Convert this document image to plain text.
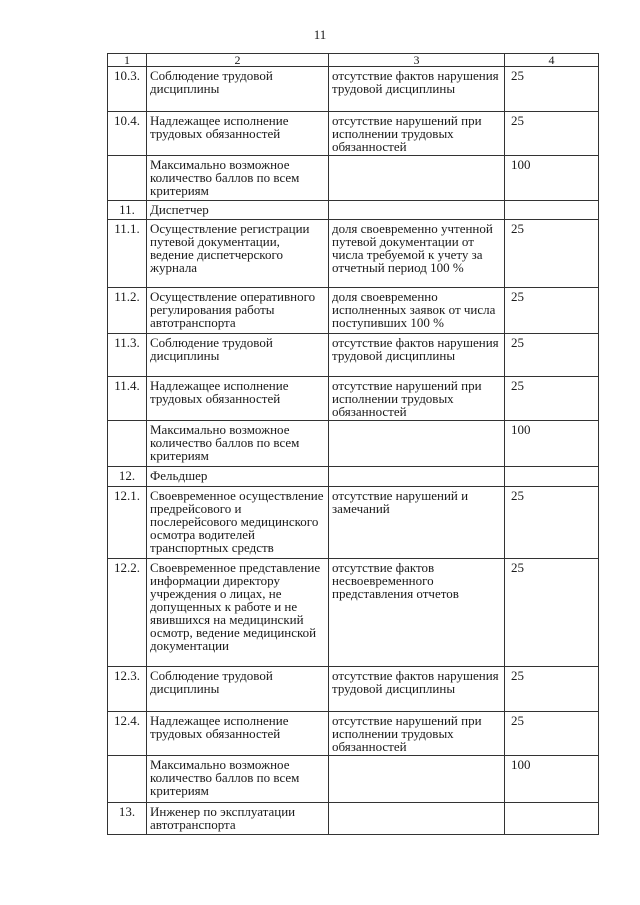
11
1	2	3	4
10.3.	Соблюдение трудовой дисциплины	отсутствие фактов нарушения трудовой дисциплины	25
10.4.	Надлежащее исполнение трудовых обязанностей	отсутствие нарушений при исполнении трудовых обязанностей	25
	Максимально возможное количество баллов по всем критериям		100
11.	Диспетчер		
11.1.	Осуществление регистрации путевой документации, ведение диспетчерского журнала	доля своевременно учтенной путевой документации от числа требуемой к учету за отчетный период 100 %	25
11.2.	Осуществление оперативного регулирования работы автотранспорта	доля своевременно исполненных заявок от числа поступивших 100 %	25
11.3.	Соблюдение трудовой дисциплины	отсутствие фактов нарушения трудовой дисциплины	25
11.4.	Надлежащее исполнение трудовых обязанностей	отсутствие нарушений при исполнении трудовых обязанностей	25
	Максимально возможное количество баллов по всем критериям		100
12.	Фельдшер		
12.1.	Своевременное осуществление предрейсового и послерейсового медицинского осмотра водителей транспортных средств	отсутствие нарушений и замечаний	25
12.2.	Своевременное представление информации директору учреждения о лицах, не допущенных к работе и не явившихся на медицинский осмотр, ведение медицинской документации	отсутствие фактов несвоевременного представления отчетов	25
12.3.	Соблюдение трудовой дисциплины	отсутствие фактов нарушения трудовой дисциплины	25
12.4.	Надлежащее исполнение трудовых обязанностей	отсутствие нарушений при исполнении трудовых обязанностей	25
	Максимально возможное количество баллов по всем критериям		100
13.	Инженер по эксплуатации автотранспорта		
